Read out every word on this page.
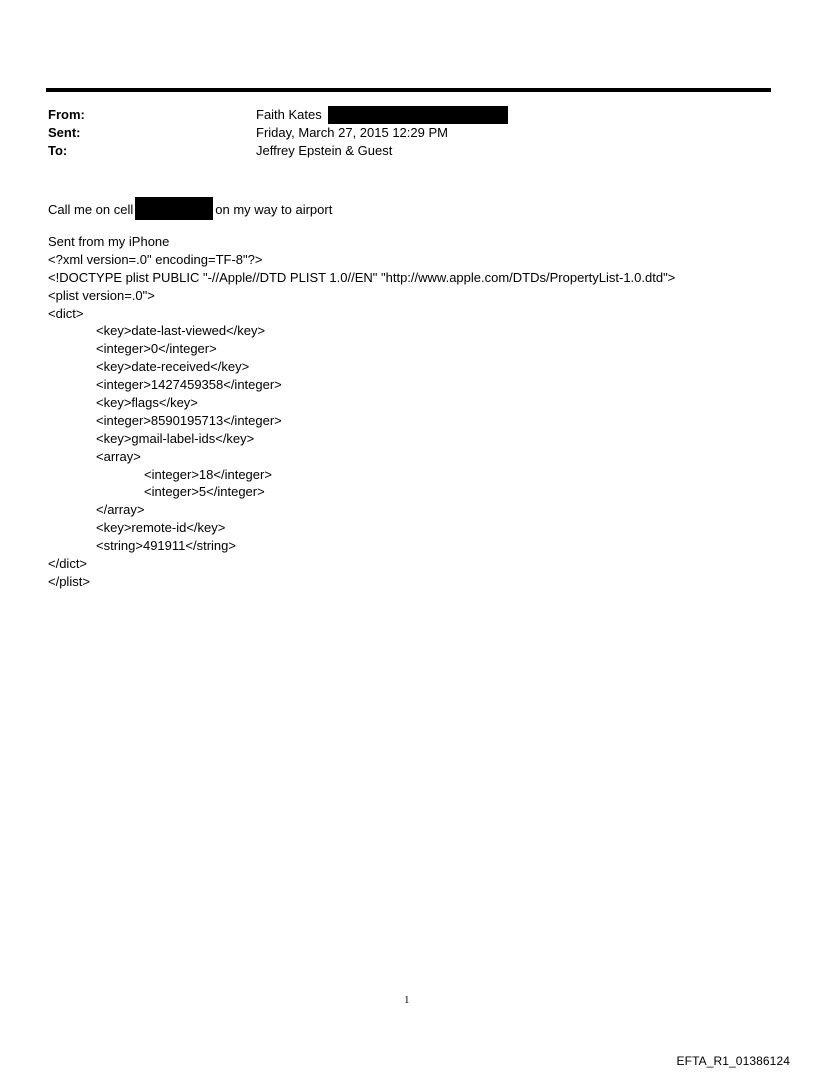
From:	Faith Kates
Sent:	Friday, March 27, 2015 12:29 PM
To:	Jeffrey Epstein & Guest
Call me on cell	on my way to airport
Sent from my iPhone
<?xml version=.0" encoding=TF-8"?>
<!DOCTYPE plist PUBLIC "-//Apple//DTD PLIST 1.0//EN" "http://www.apple.com/DTDs/PropertyList-1.0.dtd">
<plist version=.0">
<dict>
<key>date-last-viewed</key>
<integer>0</integer>
<key>date-received</key>
<integer>1427459358</integer>
<key>flags</key>
<integer>8590195713</integer>
<key>gmail-label-ids</key>
<array>
<integer>18</integer>
<integer>5</integer>
</array>
<key>remote-id</key>
<string>491911</string>
</dict>
</plist>
1
EFTA_R1_01386124
